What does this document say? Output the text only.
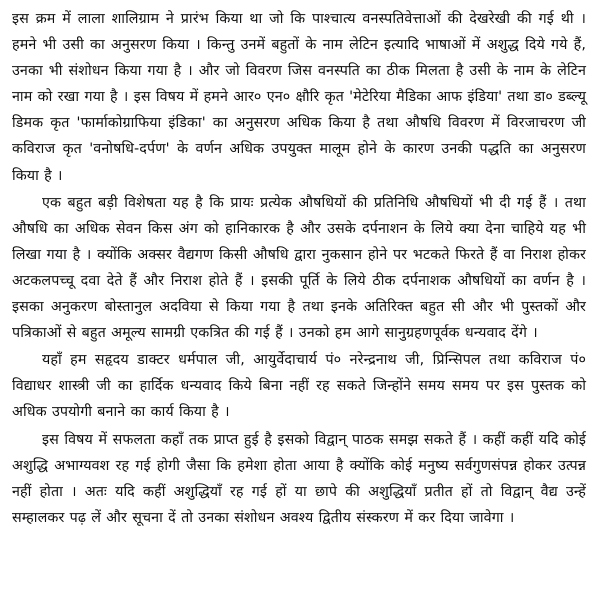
इस क्रम में लाला शालिग्राम ने प्रारंभ किया था जो कि पाश्चात्य वनस्पतिवेत्ताओं की देखरेखी की गई थी । हमने भी उसी का अनुसरण किया । किन्तु उनमें बहुतों के नाम लेटिन इत्यादि भाषाओं में अशुद्ध दिये गये हैं, उनका भी संशोधन किया गया है । और जो विवरण जिस वनस्पति का ठीक मिलता है उसी के नाम के लेटिन नाम को रखा गया है । इस विषय में हमने आर० एन० क्षौरि कृत 'मेटेरिया मैडिका आफ इंडिया' तथा डा० डब्ल्यू डिमक कृत 'फार्माकोग्राफिया इंडिका' का अनुसरण अधिक किया है तथा औषधि विवरण में विरजाचरण जी कविराज कृत 'वनोषधि-दर्पण' के वर्णन अधिक उपयुक्त मालूम होने के कारण उनकी पद्धति का अनुसरण किया है ।

एक बहुत बड़ी विशेषता यह है कि प्रायः प्रत्येक औषधियों की प्रतिनिधि औषधियों भी दी गई हैं । तथा औषधि का अधिक सेवन किस अंग को हानिकारक है और उसके दर्पनाशन के लिये क्या देना चाहिये यह भी लिखा गया है । क्योंकि अक्सर वैद्यगण किसी औषधि द्वारा नुकसान होने पर भटकते फिरते हैं वा निराश होकर अटकलपच्चू दवा देते हैं और निराश होते हैं । इसकी पूर्ति के लिये ठीक दर्पनाशक औषधियों का वर्णन है । इसका अनुकरण बोस्तानुल अदविया से किया गया है तथा इनके अतिरिक्त बहुत सी और भी पुस्तकों और पत्रिकाओं से बहुत अमूल्य सामग्री एकत्रित की गई हैं । उनको हम आगे सानुग्रहणपूर्वक धन्यवाद देंगे ।

यहाँ हम सहृदय डाक्टर धर्मपाल जी, आयुर्वेदाचार्य पं० नरेन्द्रनाथ जी, प्रिन्सिपल तथा कविराज पं० विद्याधर शास्त्री जी का हार्दिक धन्यवाद किये बिना नहीं रह सकते जिन्होंने समय समय पर इस पुस्तक को अधिक उपयोगी बनाने का कार्य किया है ।

इस विषय में सफलता कहाँ तक प्राप्त हुई है इसको विद्वान् पाठक समझ सकते हैं । कहीं कहीं यदि कोई अशुद्धि अभाग्यवश रह गई होगी जैसा कि हमेशा होता आया है क्योंकि कोई मनुष्य सर्वगुणसंपन्न होकर उत्पन्न नहीं होता । अतः यदि कहीं अशुद्धियाँ रह गई हों या छापे की अशुद्धियाँ प्रतीत हों तो विद्वान् वैद्य उन्हें सम्हालकर पढ़ लें और सूचना दें तो उनका संशोधन अवश्य द्वितीय संस्करण में कर दिया जावेगा ।
